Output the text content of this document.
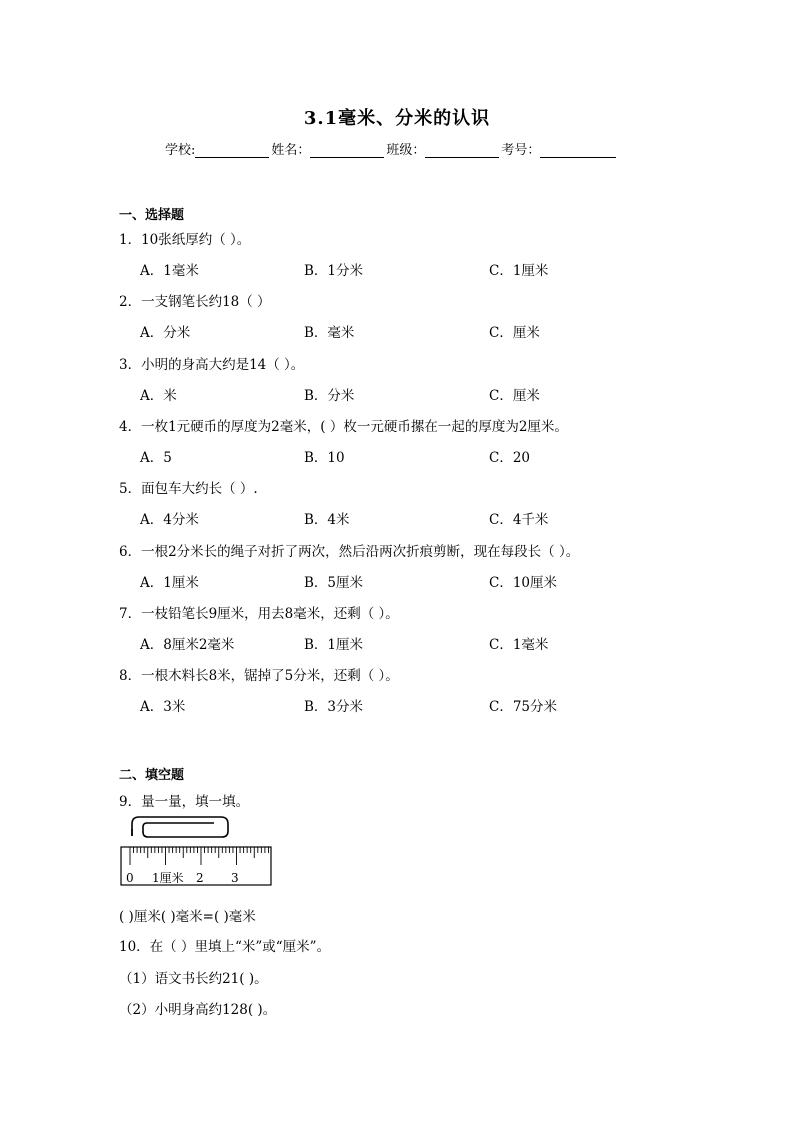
3.1毫米、分米的认识
学校:	姓名：	班级：	考号：
一、选择题
1．10张纸厚约（ ）。
A．1毫米	B．1分米	C．1厘米
2．一支钢笔长约18（ ）
A．分米	B．毫米	C．厘米
3．小明的身高大约是14（ ）。
A．米	B．分米	C．厘米
4．一枚1元硬币的厚度为2毫米，( ）枚一元硬币摞在一起的厚度为2厘米。
A．5	B．10	C．20
5．面包车大约长（ ）.
A．4分米	B．4米	C．4千米
6．一根2分米长的绳子对折了两次，然后沿两次折痕剪断，现在每段长（ ）。
A．1厘米	B．5厘米	C．10厘米
7．一枝铅笔长9厘米，用去8毫米，还剩（ ）。
A．8厘米2毫米	B．1厘米	C．1毫米
8．一根木料长8米，锯掉了5分米，还剩（ ）。
A．3米	B．3分米	C．75分米
二、填空题
9．量一量，填一填。
0 1厘米 2 3
( )厘米( )毫米=( )毫米
10．在（ ）里填上“米”或“厘米”。
（1）语文书长约21( )。
（2）小明身高约128( )。
